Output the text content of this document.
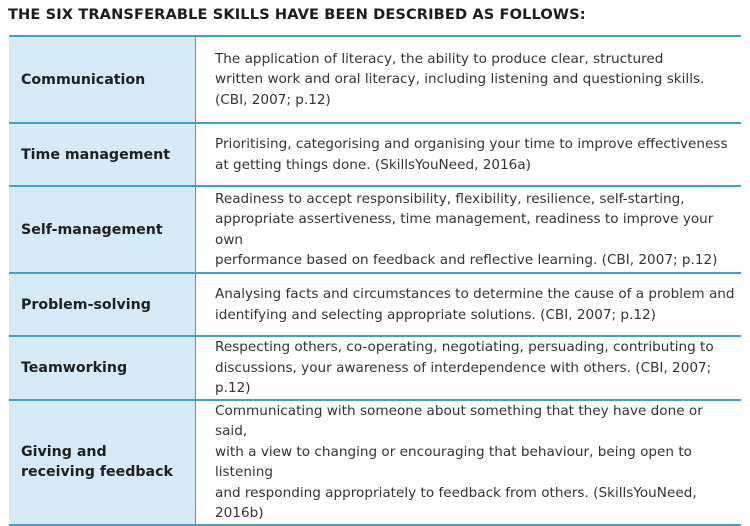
THE SIX TRANSFERABLE SKILLS HAVE BEEN DESCRIBED AS FOLLOWS:
Communication	The application of literacy, the ability to produce clear, structured
written work and oral literacy, including listening and questioning skills.
(CBI, 2007; p.12)
Time management	Prioritising, categorising and organising your time to improve effectiveness
at getting things done. (SkillsYouNeed, 2016a)
Self-management	Readiness to accept responsibility, flexibility, resilience, self-starting,
appropriate assertiveness, time management, readiness to improve your own
performance based on feedback and reflective learning. (CBI, 2007; p.12)
Problem-solving	Analysing facts and circumstances to determine the cause of a problem and
identifying and selecting appropriate solutions. (CBI, 2007; p.12)
Teamworking	Respecting others, co-operating, negotiating, persuading, contributing to
discussions, your awareness of interdependence with others. (CBI, 2007; p.12)
Giving and
receiving feedback	Communicating with someone about something that they have done or said,
with a view to changing or encouraging that behaviour, being open to listening
and responding appropriately to feedback from others. (SkillsYouNeed, 2016b)
